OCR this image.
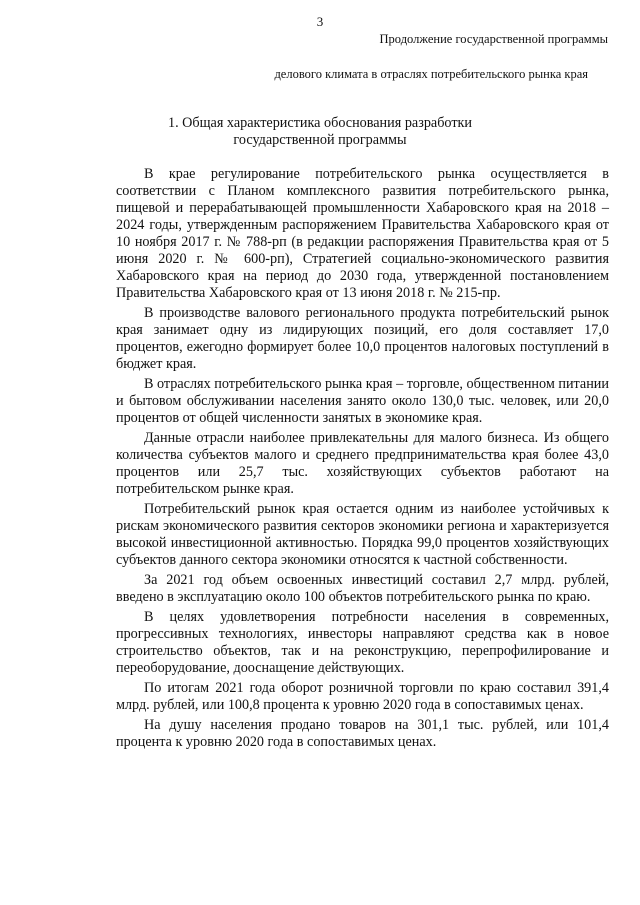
3
Продолжение государственной программы
делового климата в отраслях потребительского рынка края
1. Общая характеристика обоснования разработки
государственной программы

В крае регулирование потребительского рынка осуществляется в соответствии с Планом комплексного развития потребительского рынка, пищевой и перерабатывающей промышленности Хабаровского края на 2018 – 2024 годы, утвержденным распоряжением Правительства Хабаровского края от 10 ноября 2017 г. № 788-рп (в редакции распоряжения Правительства края от 5 июня 2020 г. № 600-рп), Стратегией социально-экономического развития Хабаровского края на период до 2030 года, утвержденной постановлением Правительства Хабаровского края от 13 июня 2018 г. № 215-пр.

В производстве валового регионального продукта потребительский рынок края занимает одну из лидирующих позиций, его доля составляет 17,0 процентов, ежегодно формирует более 10,0 процентов налоговых поступлений в бюджет края.

В отраслях потребительского рынка края – торговле, общественном питании и бытовом обслуживании населения занято около 130,0 тыс. человек, или 20,0 процентов от общей численности занятых в экономике края.

Данные отрасли наиболее привлекательны для малого бизнеса. Из общего количества субъектов малого и среднего предпринимательства края более 43,0 процентов или 25,7 тыс. хозяйствующих субъектов работают на потребительском рынке края.

Потребительский рынок края остается одним из наиболее устойчивых к рискам экономического развития секторов экономики региона и характеризуется высокой инвестиционной активностью. Порядка 99,0 процентов хозяйствующих субъектов данного сектора экономики относятся к частной собственности.

За 2021 год объем освоенных инвестиций составил 2,7 млрд. рублей, введено в эксплуатацию около 100 объектов потребительского рынка по краю.

В целях удовлетворения потребности населения в современных, прогрессивных технологиях, инвесторы направляют средства как в новое строительство объектов, так и на реконструкцию, перепрофилирование и переоборудование, дооснащение действующих.

По итогам 2021 года оборот розничной торговли по краю составил 391,4 млрд. рублей, или 100,8 процента к уровню 2020 года в сопоставимых ценах.

На душу населения продано товаров на 301,1 тыс. рублей, или 101,4 процента к уровню 2020 года в сопоставимых ценах.
